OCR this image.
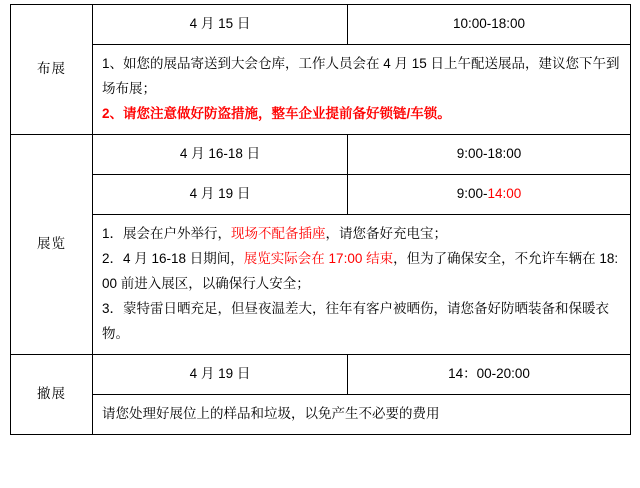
布展	4 月 15 日	10:00-18:00

	1、如您的展品寄送到大会仓库，工作人员会在 4 月 15 日上午配送展品，建议您下午到场布展；
2、请您注意做好防盗措施，整车企业提前备好锁链/车锁。	

展览	4 月 16-18 日	9:00-18:00
	4 月 19 日	9:00-14:00

	1．展会在户外举行，现场不配备插座，请您备好充电宝；
2．4 月 16-18 日期间，展览实际会在 17:00 结束，但为了确保安全，不允许车辆在 18:00 前进入展区，以确保行人安全；
3．蒙特雷日晒充足，但昼夜温差大，往年有客户被晒伤，请您备好防晒装备和保暖衣物。	

撤展	4 月 19 日	14：00-20:00

	请您处理好展位上的样品和垃圾，以免产生不必要的费用	
